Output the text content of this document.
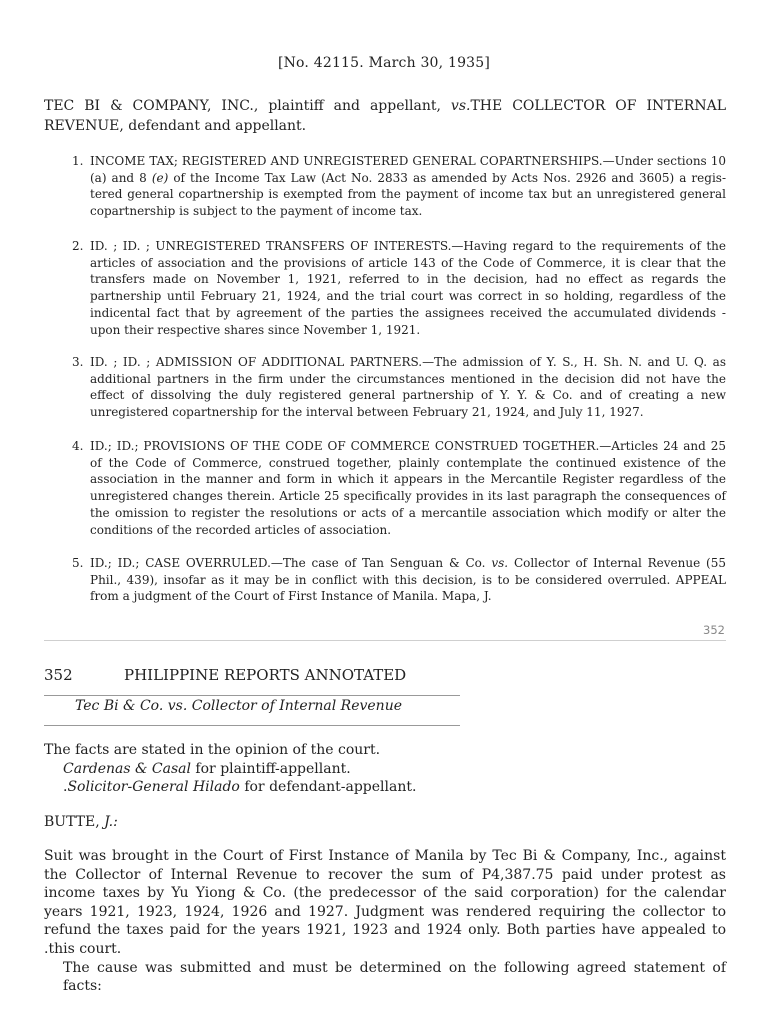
[No. 42115. March 30, 1935]
TEC BI & COMPANY, INC., plaintiff and appellant, vs.THE COLLECTOR OF INTERNAL REVENUE, defendant and appellant.
1. INCOME TAX; REGISTERED AND UNREGISTERED GENERAL COPARTNERSHIPS.—Under sections 10 (a) and 8 (e) of the Income Tax Law (Act No. 2833 as amended by Acts Nos. 2926 and 3605) a regis-tered general copartnership is exempted from the payment of income tax but an unregistered general copartnership is subject to the payment of income tax.
2. ID. ; ID. ; UNREGISTERED TRANSFERS OF INTERESTS.—Having regard to the requirements of the articles of association and the provisions of article 143 of the Code of Commerce, it is clear that the transfers made on November 1, 1921, referred to in the decision, had no effect as regards the partnership until February 21, 1924, and the trial court was correct in so holding, regardless of the indicental fact that by agreement of the parties the assignees received the accumulated dividends - upon their respective shares since November 1, 1921.
3. ID. ; ID. ; ADMISSION OF ADDITIONAL PARTNERS.—The admission of Y. S., H. Sh. N. and U. Q. as additional partners in the firm under the circumstances mentioned in the decision did not have the effect of dissolving the duly registered general partnership of Y. Y. & Co. and of creating a new unregistered copartnership for the interval between February 21, 1924, and July 11, 1927.
4. ID.; ID.; PROVISIONS OF THE CODE OF COMMERCE CONSTRUED TOGETHER.—Articles 24 and 25 of the Code of Commerce, construed together, plainly contemplate the continued existence of the association in the manner and form in which it appears in the Mercantile Register regardless of the unregistered changes therein. Article 25 specifically provides in its last paragraph the consequences of the omission to register the resolutions or acts of a mercantile association which modify or alter the conditions of the recorded articles of association.
5. ID.; ID.; CASE OVERRULED.—The case of Tan Senguan & Co. vs. Collector of Internal Revenue (55 Phil., 439), insofar as it may be in conflict with this decision, is to be considered overruled. APPEAL from a judgment of the Court of First Instance of Manila. Mapa, J.
352
352	PHILIPPINE REPORTS ANNOTATED
Tec Bi & Co. vs. Collector of Internal Revenue

The facts are stated in the opinion of the court.

Cardenas & Casal for plaintiff-appellant.

.Solicitor-General Hilado for defendant-appellant.

BUTTE, J.:

Suit was brought in the Court of First Instance of Manila by Tec Bi & Company, Inc., against the Collector of Internal Revenue to recover the sum of P4,387.75 paid under protest as income taxes by Yu Yiong & Co. (the predecessor of the said corporation) for the calendar years 1921, 1923, 1924, 1926 and 1927. Judgment was rendered requiring the collector to refund the taxes paid for the years 1921, 1923 and 1924 only. Both parties have appealed to .this court.

The cause was submitted and must be determined on the following agreed statement of facts:
